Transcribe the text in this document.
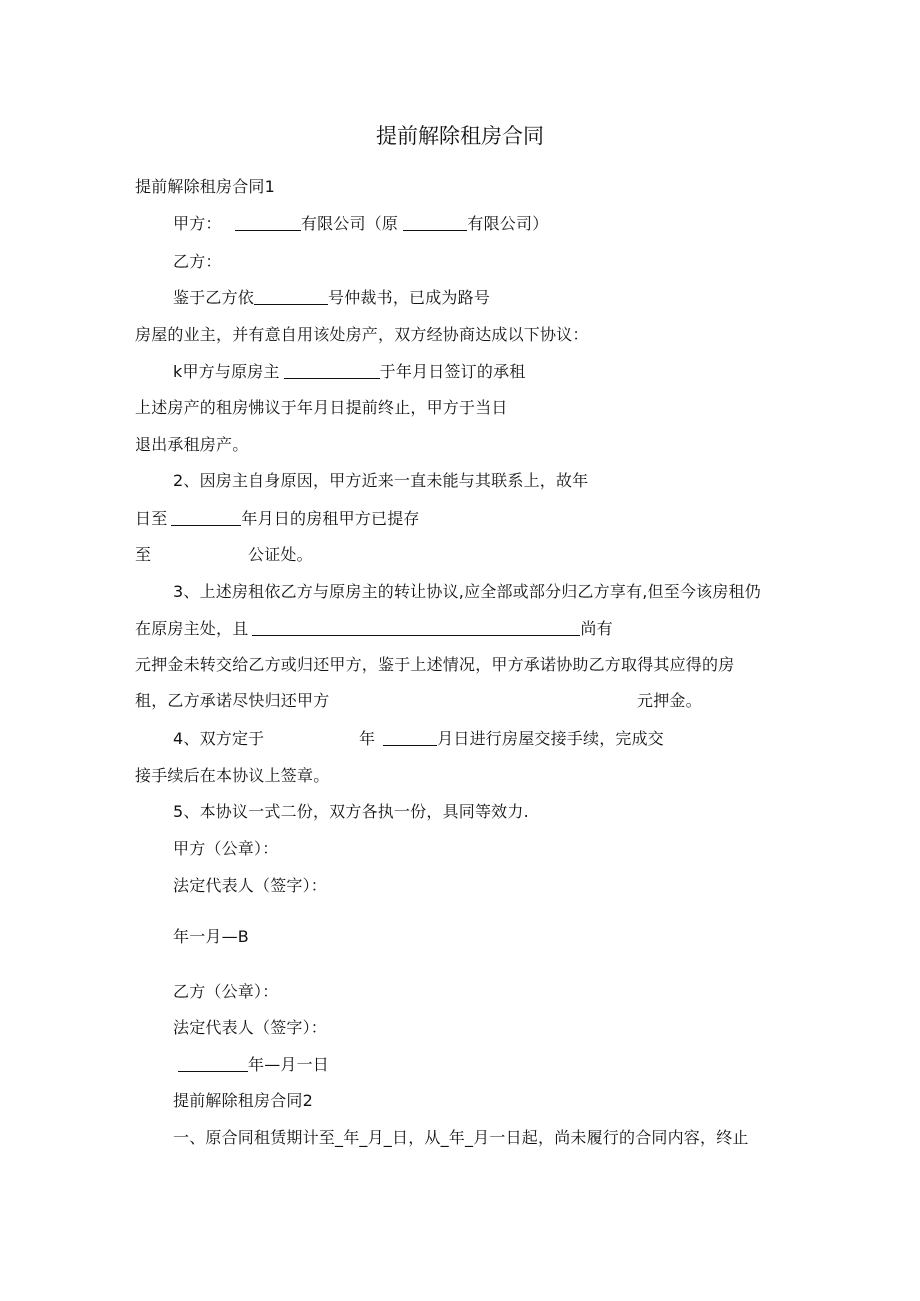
提前解除租房合同
提前解除租房合同1
甲方：	有限公司（原	有限公司）
乙方：
鉴于乙方依	号仲裁书，已成为路号
房屋的业主，并有意自用该处房产，双方经协商达成以下协议：
k甲方与原房主	于年月日签订的承租
上述房产的租房怫议于年月日提前终止，甲方于当日
退出承租房产。
2、因房主自身原因，甲方近来一直未能与其联系上，故年
日至	年月日的房租甲方已提存
至	公证处。
3、上述房租依乙方与原房主的转让协议,应全部或部分归乙方享有,但至今该房租仍
在原房主处，且	尚有
元押金未转交给乙方或归还甲方，鉴于上述情况，甲方承诺协助乙方取得其应得的房
租，乙方承诺尽快归还甲方	元押金。
4、双方定于	年	月日进行房屋交接手续，完成交
接手续后在本协议上签章。
5、本协议一式二份，双方各执一份，具同等效力.
甲方（公章）：
法定代表人（签字）：
年一月—B
乙方（公章）：
法定代表人（签字）：
年—月一日
提前解除租房合同2
一、原合同租赁期计至_年_月_日，从_年_月一日起，尚未履行的合同内容，终止
